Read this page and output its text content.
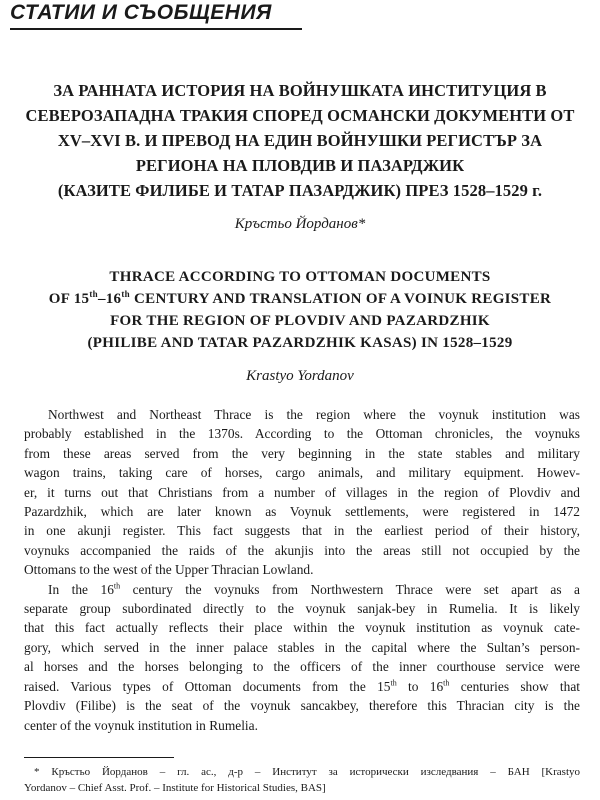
СТАТИИ И СЪОБЩЕНИЯ
ЗА РАННАТА ИСТОРИЯ НА ВОЙНУШКАТА ИНСТИТУЦИЯ В
СЕВЕРОЗАПАДНА ТРАКИЯ СПОРЕД ОСМАНСКИ ДОКУМЕНТИ ОТ
XV–XVI В. И ПРЕВОД НА ЕДИН ВОЙНУШКИ РЕГИСТЪР ЗА
РЕГИОНА НА ПЛОВДИВ И ПАЗАРДЖИК
(КАЗИТЕ ФИЛИБЕ И ТАТАР ПАЗАРДЖИК) ПРЕЗ 1528–1529 г.
Кръстьо Йорданов*
THRACE ACCORDING TO OTTOMAN DOCUMENTS
OF 15th–16th CENTURY AND TRANSLATION OF A VOINUK REGISTER
FOR THE REGION OF PLOVDIV AND PAZARDZHIK
(PHILIBE AND TATAR PAZARDZHIK KASAS) IN 1528–1529
Krastyo Yordanov
Northwest and Northeast Thrace is the region where the voynuk institution was
probably established in the 1370s. According to the Ottoman chronicles, the voynuks
from these areas served from the very beginning in the state stables and military
wagon trains, taking care of horses, cargo animals, and military equipment. Howev-
er, it turns out that Christians from a number of villages in the region of Plovdiv and
Pazardzhik, which are later known as Voynuk settlements, were registered in 1472
in one akunji register. This fact suggests that in the earliest period of their history,
voynuks accompanied the raids of the akunjis into the areas still not occupied by the
Ottomans to the west of the Upper Thracian Lowland.
In the 16th century the voynuks from Northwestern Thrace were set apart as a
separate group subordinated directly to the voynuk sanjak-bey in Rumelia. It is likely
that this fact actually reflects their place within the voynuk institution as voynuk cate-
gory, which served in the inner palace stables in the capital where the Sultan’s person-
al horses and the horses belonging to the officers of the inner courthouse service were
raised. Various types of Ottoman documents from the 15th to 16th centuries show that
Plovdiv (Filibe) is the seat of the voynuk sancakbey, therefore this Thracian city is the
center of the voynuk institution in Rumelia.
* Кръстьо Йорданов – гл. ас., д-р – Институт за исторически изследвания – БАН [Krastyo
Yordanov – Chief Asst. Prof. – Institute for Historical Studies, BAS]
